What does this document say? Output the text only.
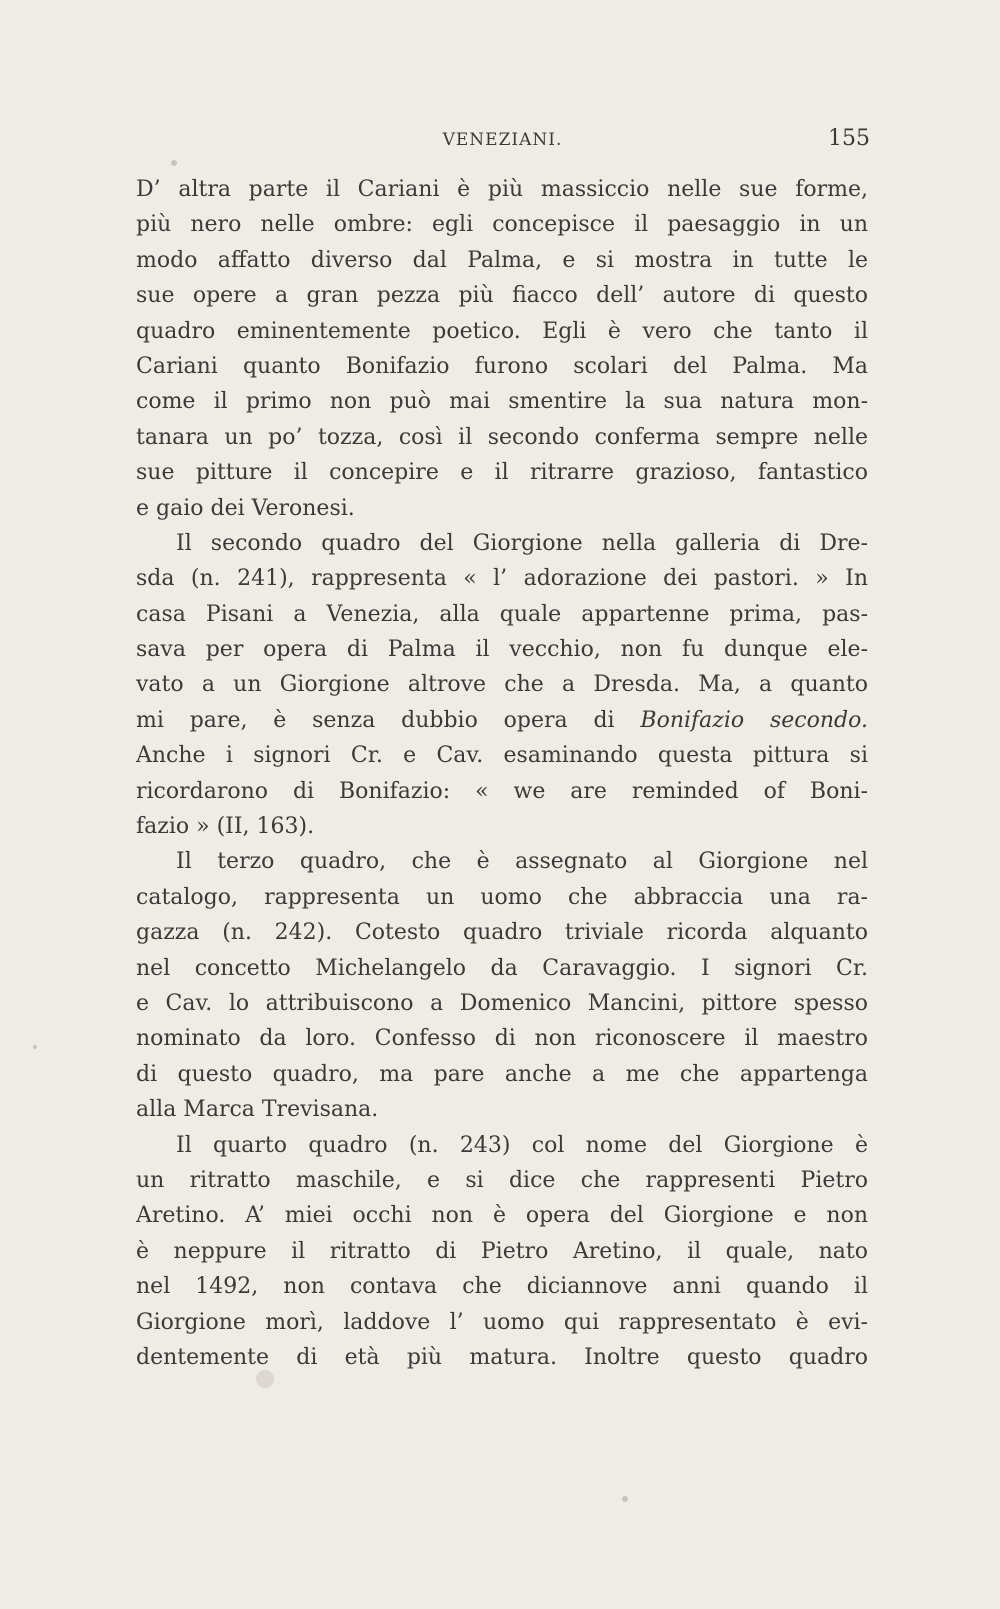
VENEZIANI.	155
D’ altra parte il Cariani è più massiccio nelle sue forme,
più nero nelle ombre: egli concepisce il paesaggio in un
modo affatto diverso dal Palma, e si mostra in tutte le
sue opere a gran pezza più fiacco dell’ autore di questo
quadro eminentemente poetico. Egli è vero che tanto il
Cariani quanto Bonifazio furono scolari del Palma. Ma
come il primo non può mai smentire la sua natura mon-
tanara un po’ tozza, così il secondo conferma sempre nelle
sue pitture il concepire e il ritrarre grazioso, fantastico
e gaio dei Veronesi.
Il secondo quadro del Giorgione nella galleria di Dre-
sda (n. 241), rappresenta « l’ adorazione dei pastori. » In
casa Pisani a Venezia, alla quale appartenne prima, pas-
sava per opera di Palma il vecchio, non fu dunque ele-
vato a un Giorgione altrove che a Dresda. Ma, a quanto
mi pare, è senza dubbio opera di Bonifazio secondo.
Anche i signori Cr. e Cav. esaminando questa pittura si
ricordarono di Bonifazio: « we are reminded of Boni-
fazio » (II, 163).
Il terzo quadro, che è assegnato al Giorgione nel
catalogo, rappresenta un uomo che abbraccia una ra-
gazza (n. 242). Cotesto quadro triviale ricorda alquanto
nel concetto Michelangelo da Caravaggio. I signori Cr.
e Cav. lo attribuiscono a Domenico Mancini, pittore spesso
nominato da loro. Confesso di non riconoscere il maestro
di questo quadro, ma pare anche a me che appartenga
alla Marca Trevisana.
Il quarto quadro (n. 243) col nome del Giorgione è
un ritratto maschile, e si dice che rappresenti Pietro
Aretino. A’ miei occhi non è opera del Giorgione e non
è neppure il ritratto di Pietro Aretino, il quale, nato
nel 1492, non contava che diciannove anni quando il
Giorgione morì, laddove l’ uomo qui rappresentato è evi-
dentemente di età più matura. Inoltre questo quadro
